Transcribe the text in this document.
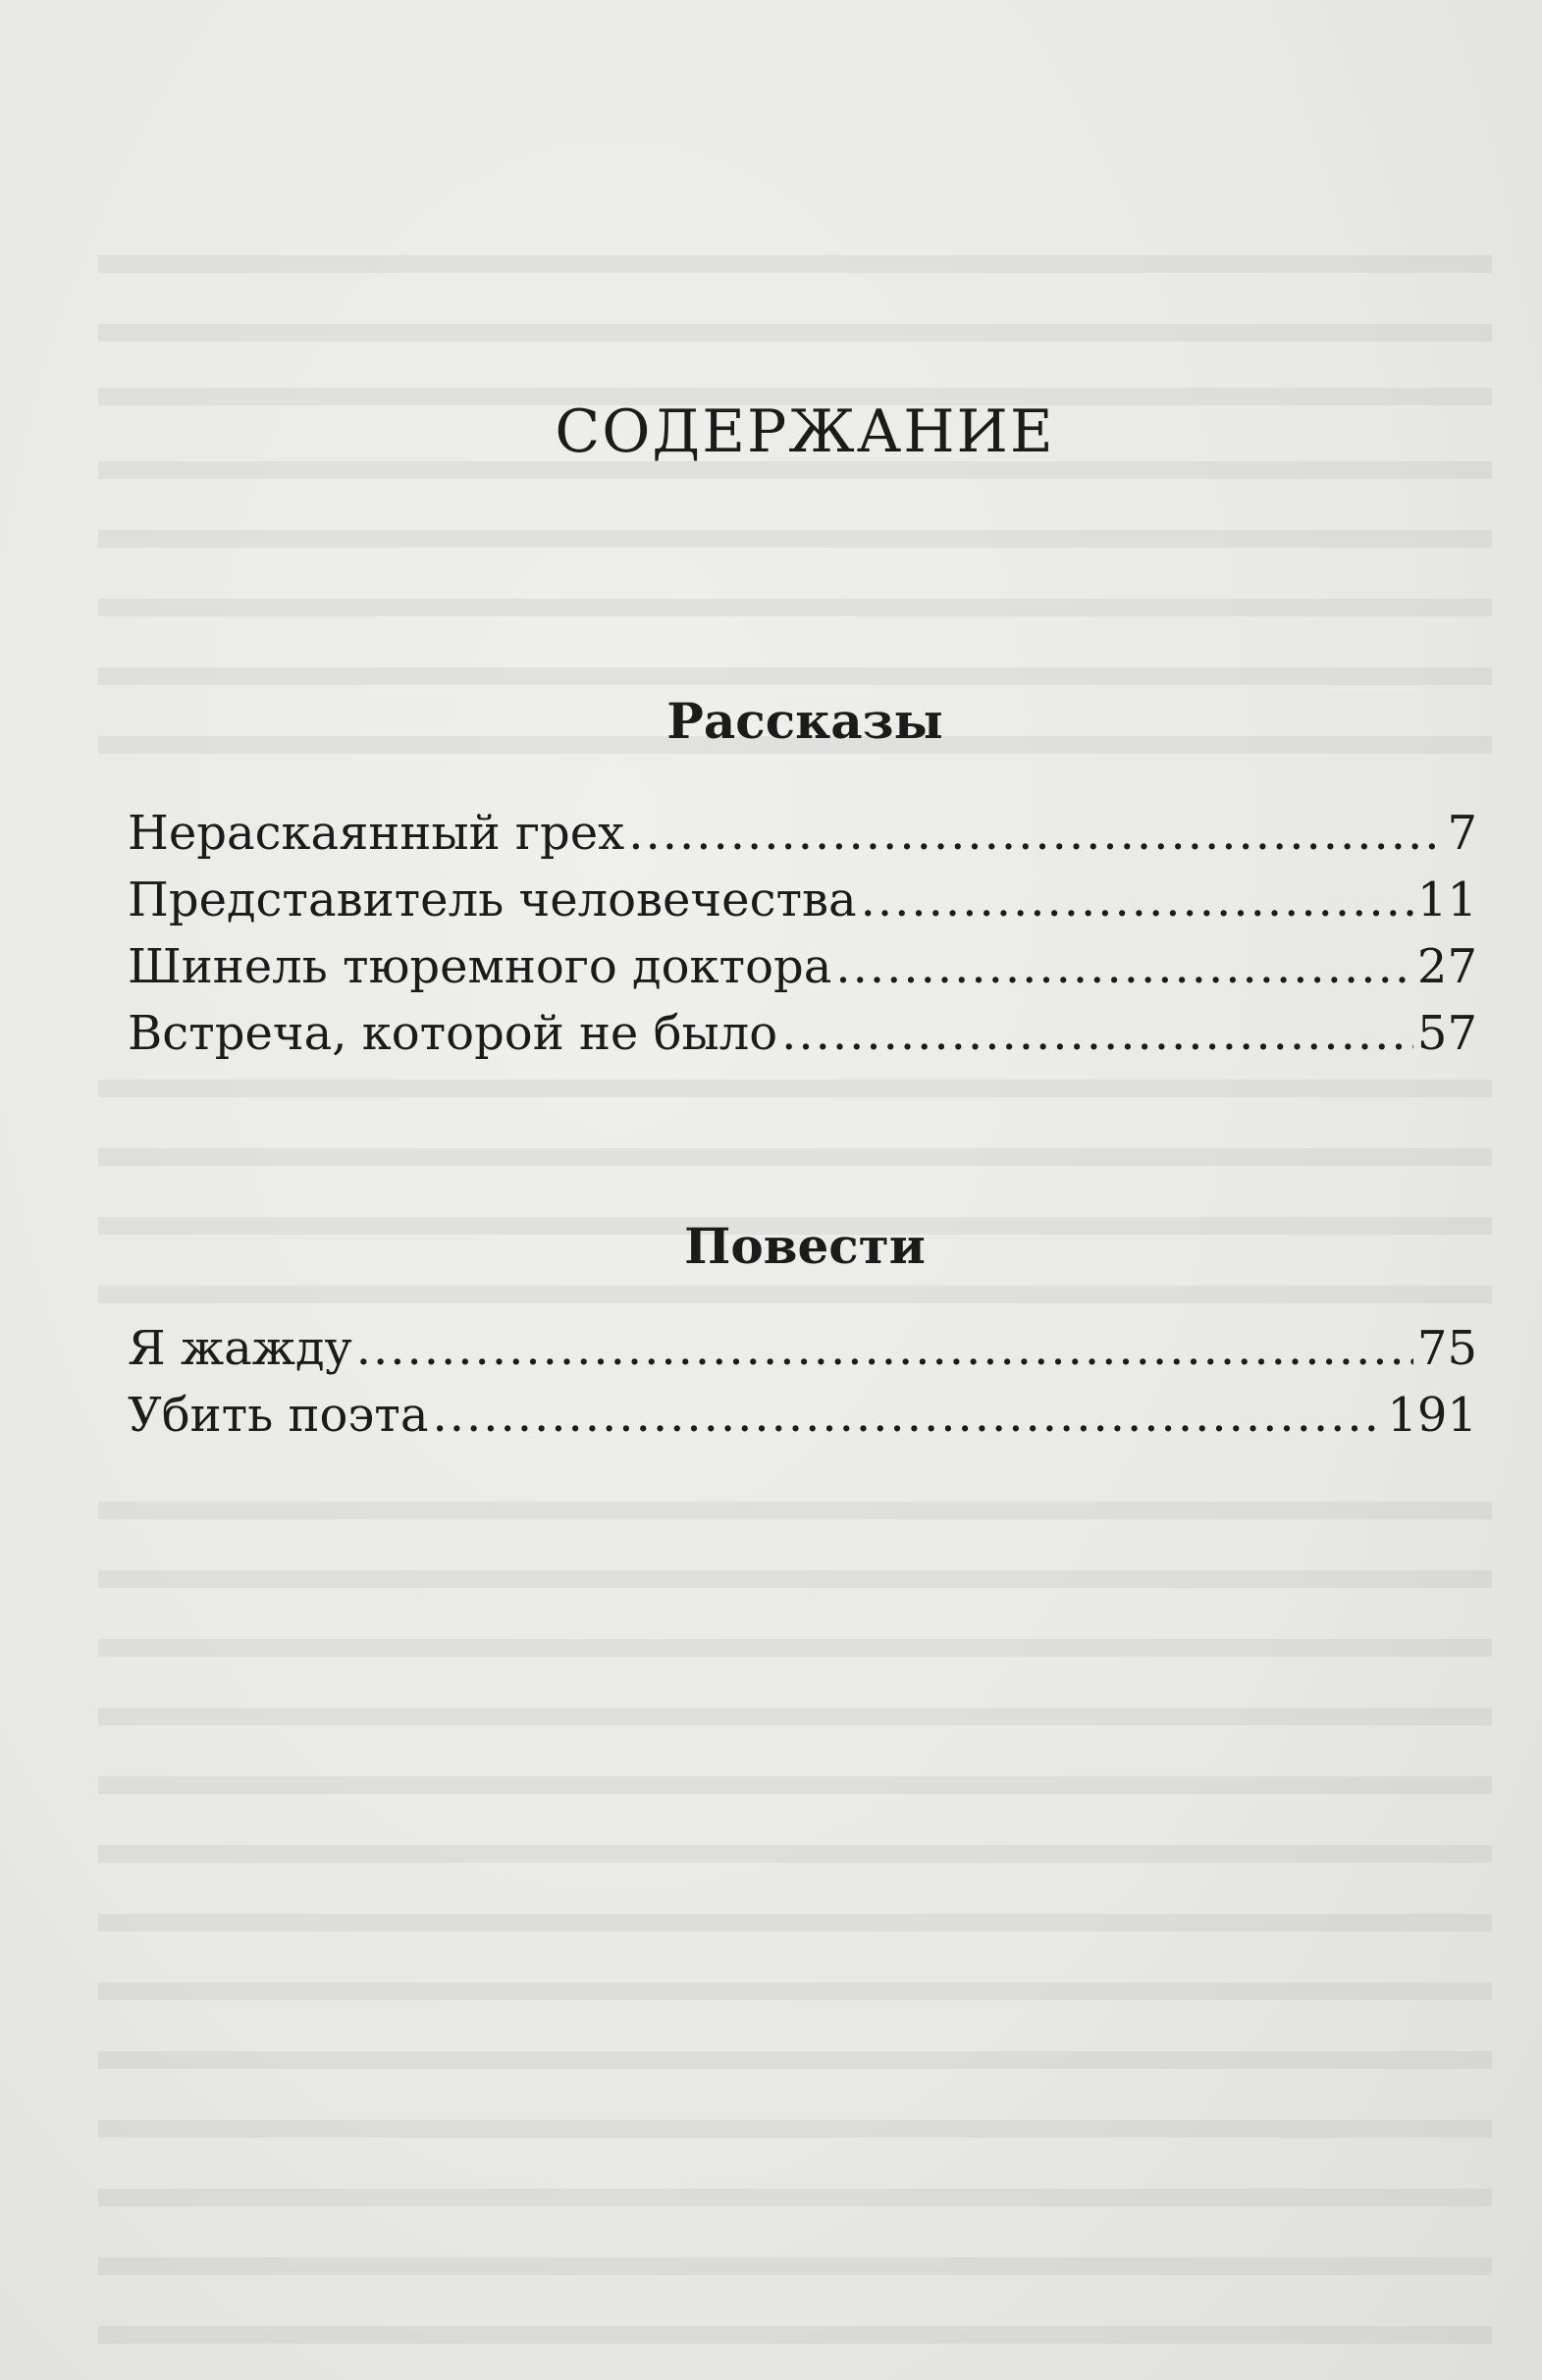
СОДЕРЖАНИЕ
Рассказы
Нераскаянный грех .....	7
Представитель человечества .....	11
Шинель тюремного доктора .....	27
Встреча, которой не было .....	57
Повести
Я жажду .....	75
Убить поэта .....	191
